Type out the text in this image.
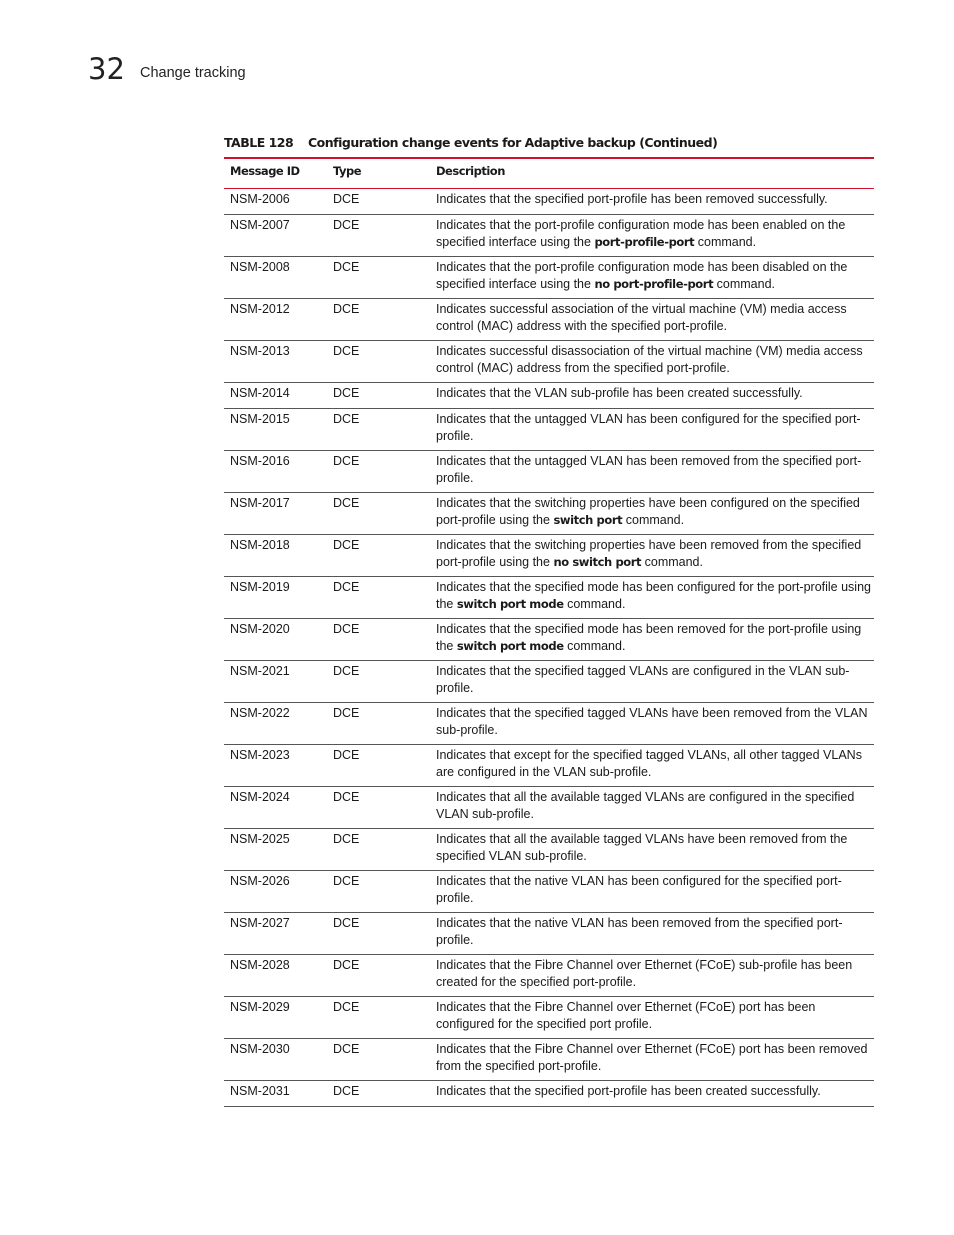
32 Change tracking
TABLE 128 Configuration change events for Adaptive backup (Continued)
Message ID	Type	Description
NSM-2006	DCE	Indicates that the specified port-profile has been removed successfully.
NSM-2007	DCE	Indicates that the port-profile configuration mode has been enabled on the specified interface using the port-profile-port command.
NSM-2008	DCE	Indicates that the port-profile configuration mode has been disabled on the specified interface using the no port-profile-port command.
NSM-2012	DCE	Indicates successful association of the virtual machine (VM) media access control (MAC) address with the specified port-profile.
NSM-2013	DCE	Indicates successful disassociation of the virtual machine (VM) media access control (MAC) address from the specified port-profile.
NSM-2014	DCE	Indicates that the VLAN sub-profile has been created successfully.
NSM-2015	DCE	Indicates that the untagged VLAN has been configured for the specified port-profile.
NSM-2016	DCE	Indicates that the untagged VLAN has been removed from the specified port-profile.
NSM-2017	DCE	Indicates that the switching properties have been configured on the specified port-profile using the switch port command.
NSM-2018	DCE	Indicates that the switching properties have been removed from the specified port-profile using the no switch port command.
NSM-2019	DCE	Indicates that the specified mode has been configured for the port-profile using the switch port mode command.
NSM-2020	DCE	Indicates that the specified mode has been removed for the port-profile using the switch port mode command.
NSM-2021	DCE	Indicates that the specified tagged VLANs are configured in the VLAN sub-profile.
NSM-2022	DCE	Indicates that the specified tagged VLANs have been removed from the VLAN sub-profile.
NSM-2023	DCE	Indicates that except for the specified tagged VLANs, all other tagged VLANs are configured in the VLAN sub-profile.
NSM-2024	DCE	Indicates that all the available tagged VLANs are configured in the specified VLAN sub-profile.
NSM-2025	DCE	Indicates that all the available tagged VLANs have been removed from the specified VLAN sub-profile.
NSM-2026	DCE	Indicates that the native VLAN has been configured for the specified port-profile.
NSM-2027	DCE	Indicates that the native VLAN has been removed from the specified port-profile.
NSM-2028	DCE	Indicates that the Fibre Channel over Ethernet (FCoE) sub-profile has been created for the specified port-profile.
NSM-2029	DCE	Indicates that the Fibre Channel over Ethernet (FCoE) port has been configured for the specified port profile.
NSM-2030	DCE	Indicates that the Fibre Channel over Ethernet (FCoE) port has been removed from the specified port-profile.
NSM-2031	DCE	Indicates that the specified port-profile has been created successfully.
